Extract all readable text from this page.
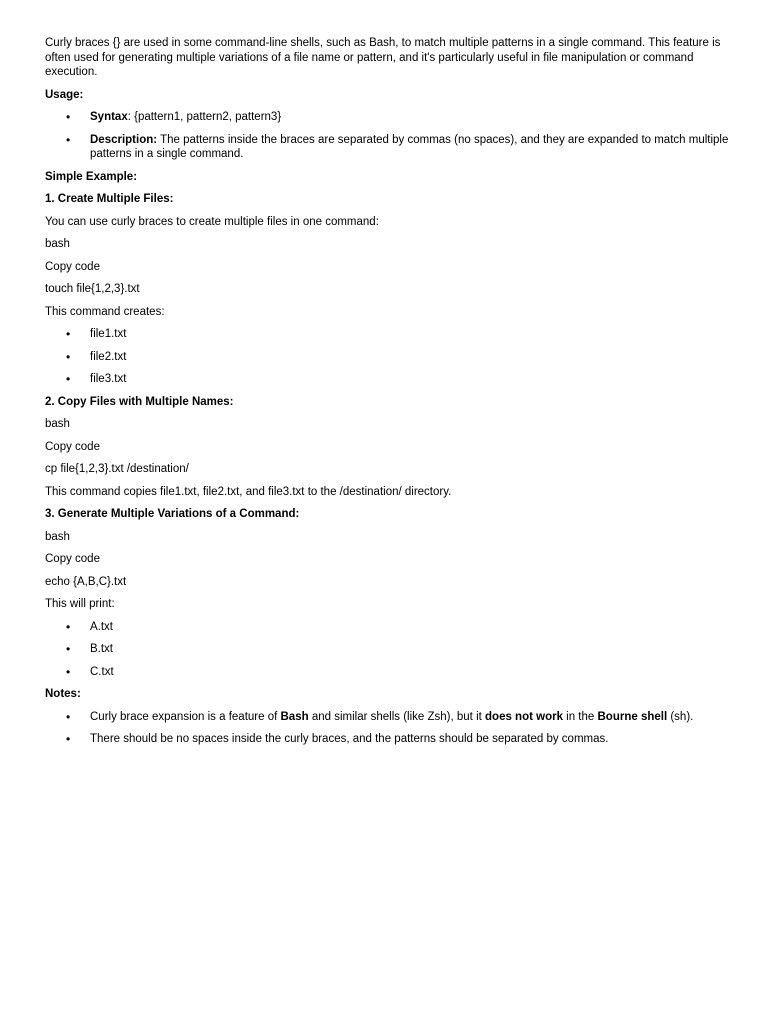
Curly braces {} are used in some command-line shells, such as Bash, to match multiple patterns in a single command. This feature is often used for generating multiple variations of a file name or pattern, and it's particularly useful in file manipulation or command execution.

Usage:

• Syntax: {pattern1, pattern2, pattern3}
• Description: The patterns inside the braces are separated by commas (no spaces), and they are expanded to match multiple patterns in a single command.

Simple Example:

1. Create Multiple Files:

You can use curly braces to create multiple files in one command:

bash

Copy code

touch file{1,2,3}.txt

This command creates:

• file1.txt
• file2.txt
• file3.txt

2. Copy Files with Multiple Names:

bash

Copy code

cp file{1,2,3}.txt /destination/

This command copies file1.txt, file2.txt, and file3.txt to the /destination/ directory.

3. Generate Multiple Variations of a Command:

bash

Copy code

echo {A,B,C}.txt

This will print:

• A.txt
• B.txt
• C.txt

Notes:

• Curly brace expansion is a feature of Bash and similar shells (like Zsh), but it does not work in the Bourne shell (sh).
• There should be no spaces inside the curly braces, and the patterns should be separated by commas.
